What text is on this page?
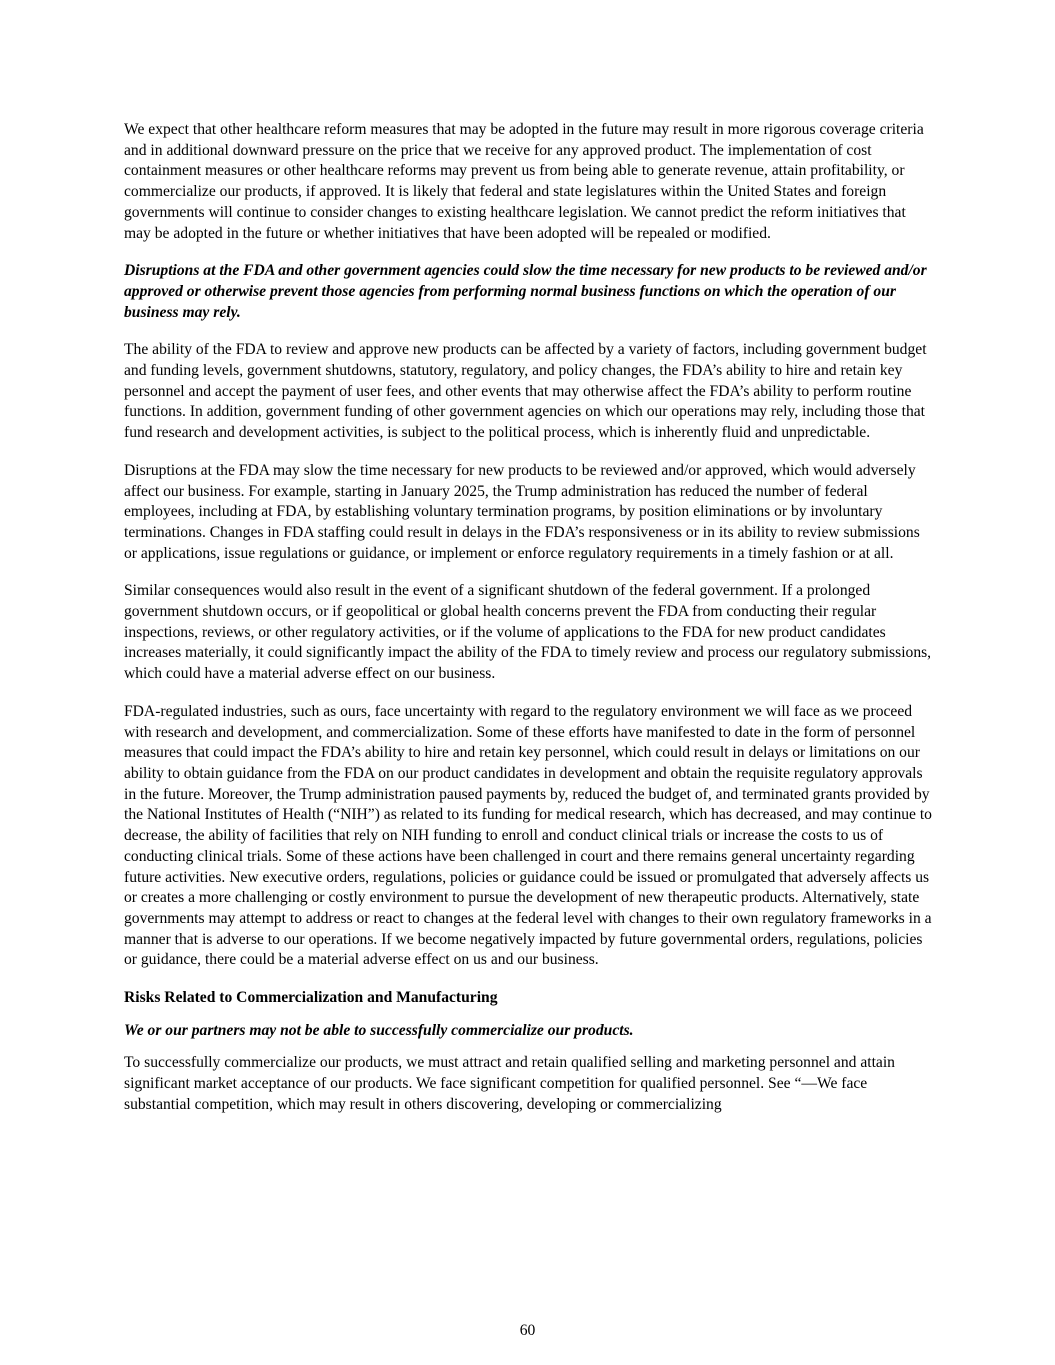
We expect that other healthcare reform measures that may be adopted in the future may result in more rigorous coverage criteria and in additional downward pressure on the price that we receive for any approved product. The implementation of cost containment measures or other healthcare reforms may prevent us from being able to generate revenue, attain profitability, or commercialize our products, if approved. It is likely that federal and state legislatures within the United States and foreign governments will continue to consider changes to existing healthcare legislation. We cannot predict the reform initiatives that may be adopted in the future or whether initiatives that have been adopted will be repealed or modified.

Disruptions at the FDA and other government agencies could slow the time necessary for new products to be reviewed and/or approved or otherwise prevent those agencies from performing normal business functions on which the operation of our business may rely.

The ability of the FDA to review and approve new products can be affected by a variety of factors, including government budget and funding levels, government shutdowns, statutory, regulatory, and policy changes, the FDA’s ability to hire and retain key personnel and accept the payment of user fees, and other events that may otherwise affect the FDA’s ability to perform routine functions. In addition, government funding of other government agencies on which our operations may rely, including those that fund research and development activities, is subject to the political process, which is inherently fluid and unpredictable.

Disruptions at the FDA may slow the time necessary for new products to be reviewed and/or approved, which would adversely affect our business. For example, starting in January 2025, the Trump administration has reduced the number of federal employees, including at FDA, by establishing voluntary termination programs, by position eliminations or by involuntary terminations. Changes in FDA staffing could result in delays in the FDA’s responsiveness or in its ability to review submissions or applications, issue regulations or guidance, or implement or enforce regulatory requirements in a timely fashion or at all.

Similar consequences would also result in the event of a significant shutdown of the federal government. If a prolonged government shutdown occurs, or if geopolitical or global health concerns prevent the FDA from conducting their regular inspections, reviews, or other regulatory activities, or if the volume of applications to the FDA for new product candidates increases materially, it could significantly impact the ability of the FDA to timely review and process our regulatory submissions, which could have a material adverse effect on our business.

FDA-regulated industries, such as ours, face uncertainty with regard to the regulatory environment we will face as we proceed with research and development, and commercialization. Some of these efforts have manifested to date in the form of personnel measures that could impact the FDA’s ability to hire and retain key personnel, which could result in delays or limitations on our ability to obtain guidance from the FDA on our product candidates in development and obtain the requisite regulatory approvals in the future. Moreover, the Trump administration paused payments by, reduced the budget of, and terminated grants provided by the National Institutes of Health (“NIH”) as related to its funding for medical research, which has decreased, and may continue to decrease, the ability of facilities that rely on NIH funding to enroll and conduct clinical trials or increase the costs to us of conducting clinical trials. Some of these actions have been challenged in court and there remains general uncertainty regarding future activities. New executive orders, regulations, policies or guidance could be issued or promulgated that adversely affects us or creates a more challenging or costly environment to pursue the development of new therapeutic products. Alternatively, state governments may attempt to address or react to changes at the federal level with changes to their own regulatory frameworks in a manner that is adverse to our operations. If we become negatively impacted by future governmental orders, regulations, policies or guidance, there could be a material adverse effect on us and our business.

Risks Related to Commercialization and Manufacturing

We or our partners may not be able to successfully commercialize our products.

To successfully commercialize our products, we must attract and retain qualified selling and marketing personnel and attain significant market acceptance of our products. We face significant competition for qualified personnel. See “—We face substantial competition, which may result in others discovering, developing or commercializing

60
